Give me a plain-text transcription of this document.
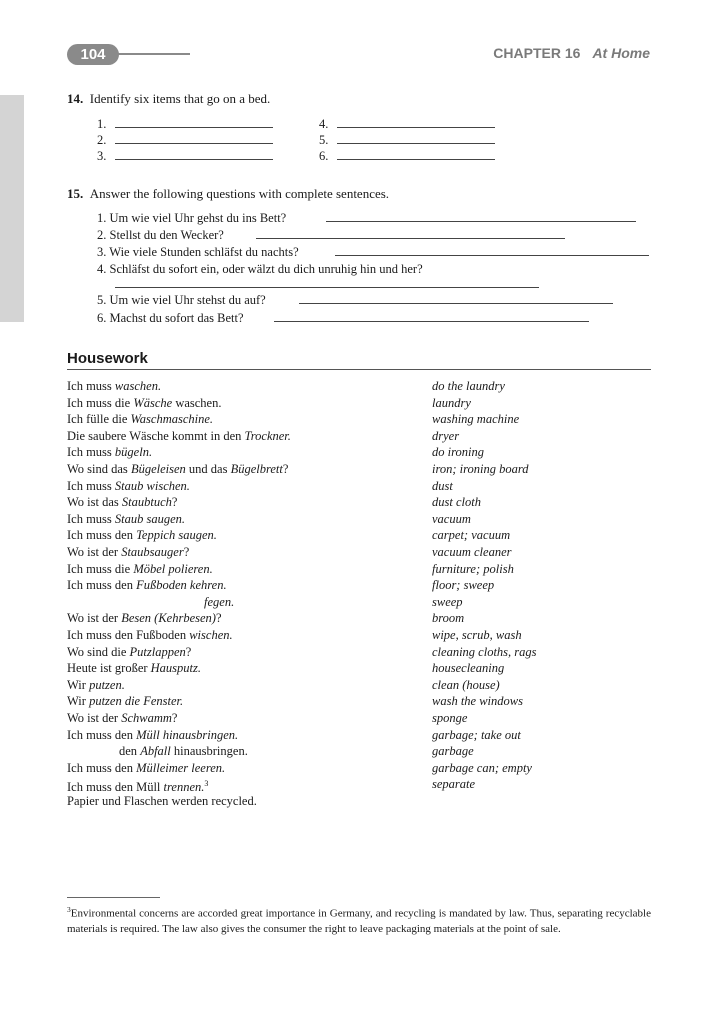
104	CHAPTER 16 At Home
14. Identify six items that go on a bed.
1.
2.
3.
4.
5.
6.
15. Answer the following questions with complete sentences.
1. Um wie viel Uhr gehst du ins Bett?
2. Stellst du den Wecker?
3. Wie viele Stunden schläfst du nachts?
4. Schläfst du sofort ein, oder wälzt du dich unruhig hin und her?
5. Um wie viel Uhr stehst du auf?
6. Machst du sofort das Bett?
Housework
Ich muss waschen.	do the laundry
Ich muss die Wäsche waschen.	laundry
Ich fülle die Waschmaschine.	washing machine
Die saubere Wäsche kommt in den Trockner.	dryer
Ich muss bügeln.	do ironing
Wo sind das Bügeleisen und das Bügelbrett?	iron; ironing board
Ich muss Staub wischen.	dust
Wo ist das Staubtuch?	dust cloth
Ich muss Staub saugen.	vacuum
Ich muss den Teppich saugen.	carpet; vacuum
Wo ist der Staubsauger?	vacuum cleaner
Ich muss die Möbel polieren.	furniture; polish
Ich muss den Fußboden kehren.	floor; sweep
fegen.	sweep
Wo ist der Besen (Kehrbesen)?	broom
Ich muss den Fußboden wischen.	wipe, scrub, wash
Wo sind die Putzlappen?	cleaning cloths, rags
Heute ist großer Hausputz.	housecleaning
Wir putzen.	clean (house)
Wir putzen die Fenster.	wash the windows
Wo ist der Schwamm?	sponge
Ich muss den Müll hinausbringen.	garbage; take out
den Abfall hinausbringen.	garbage
Ich muss den Mülleimer leeren.	garbage can; empty
Ich muss den Müll trennen.$^3$	separate
Papier und Flaschen werden recycled.
$^3$Environmental concerns are accorded great importance in Germany, and recycling is mandated by law. Thus, separating recyclable materials is required. The law also gives the consumer the right to leave packaging materials at the point of sale.
